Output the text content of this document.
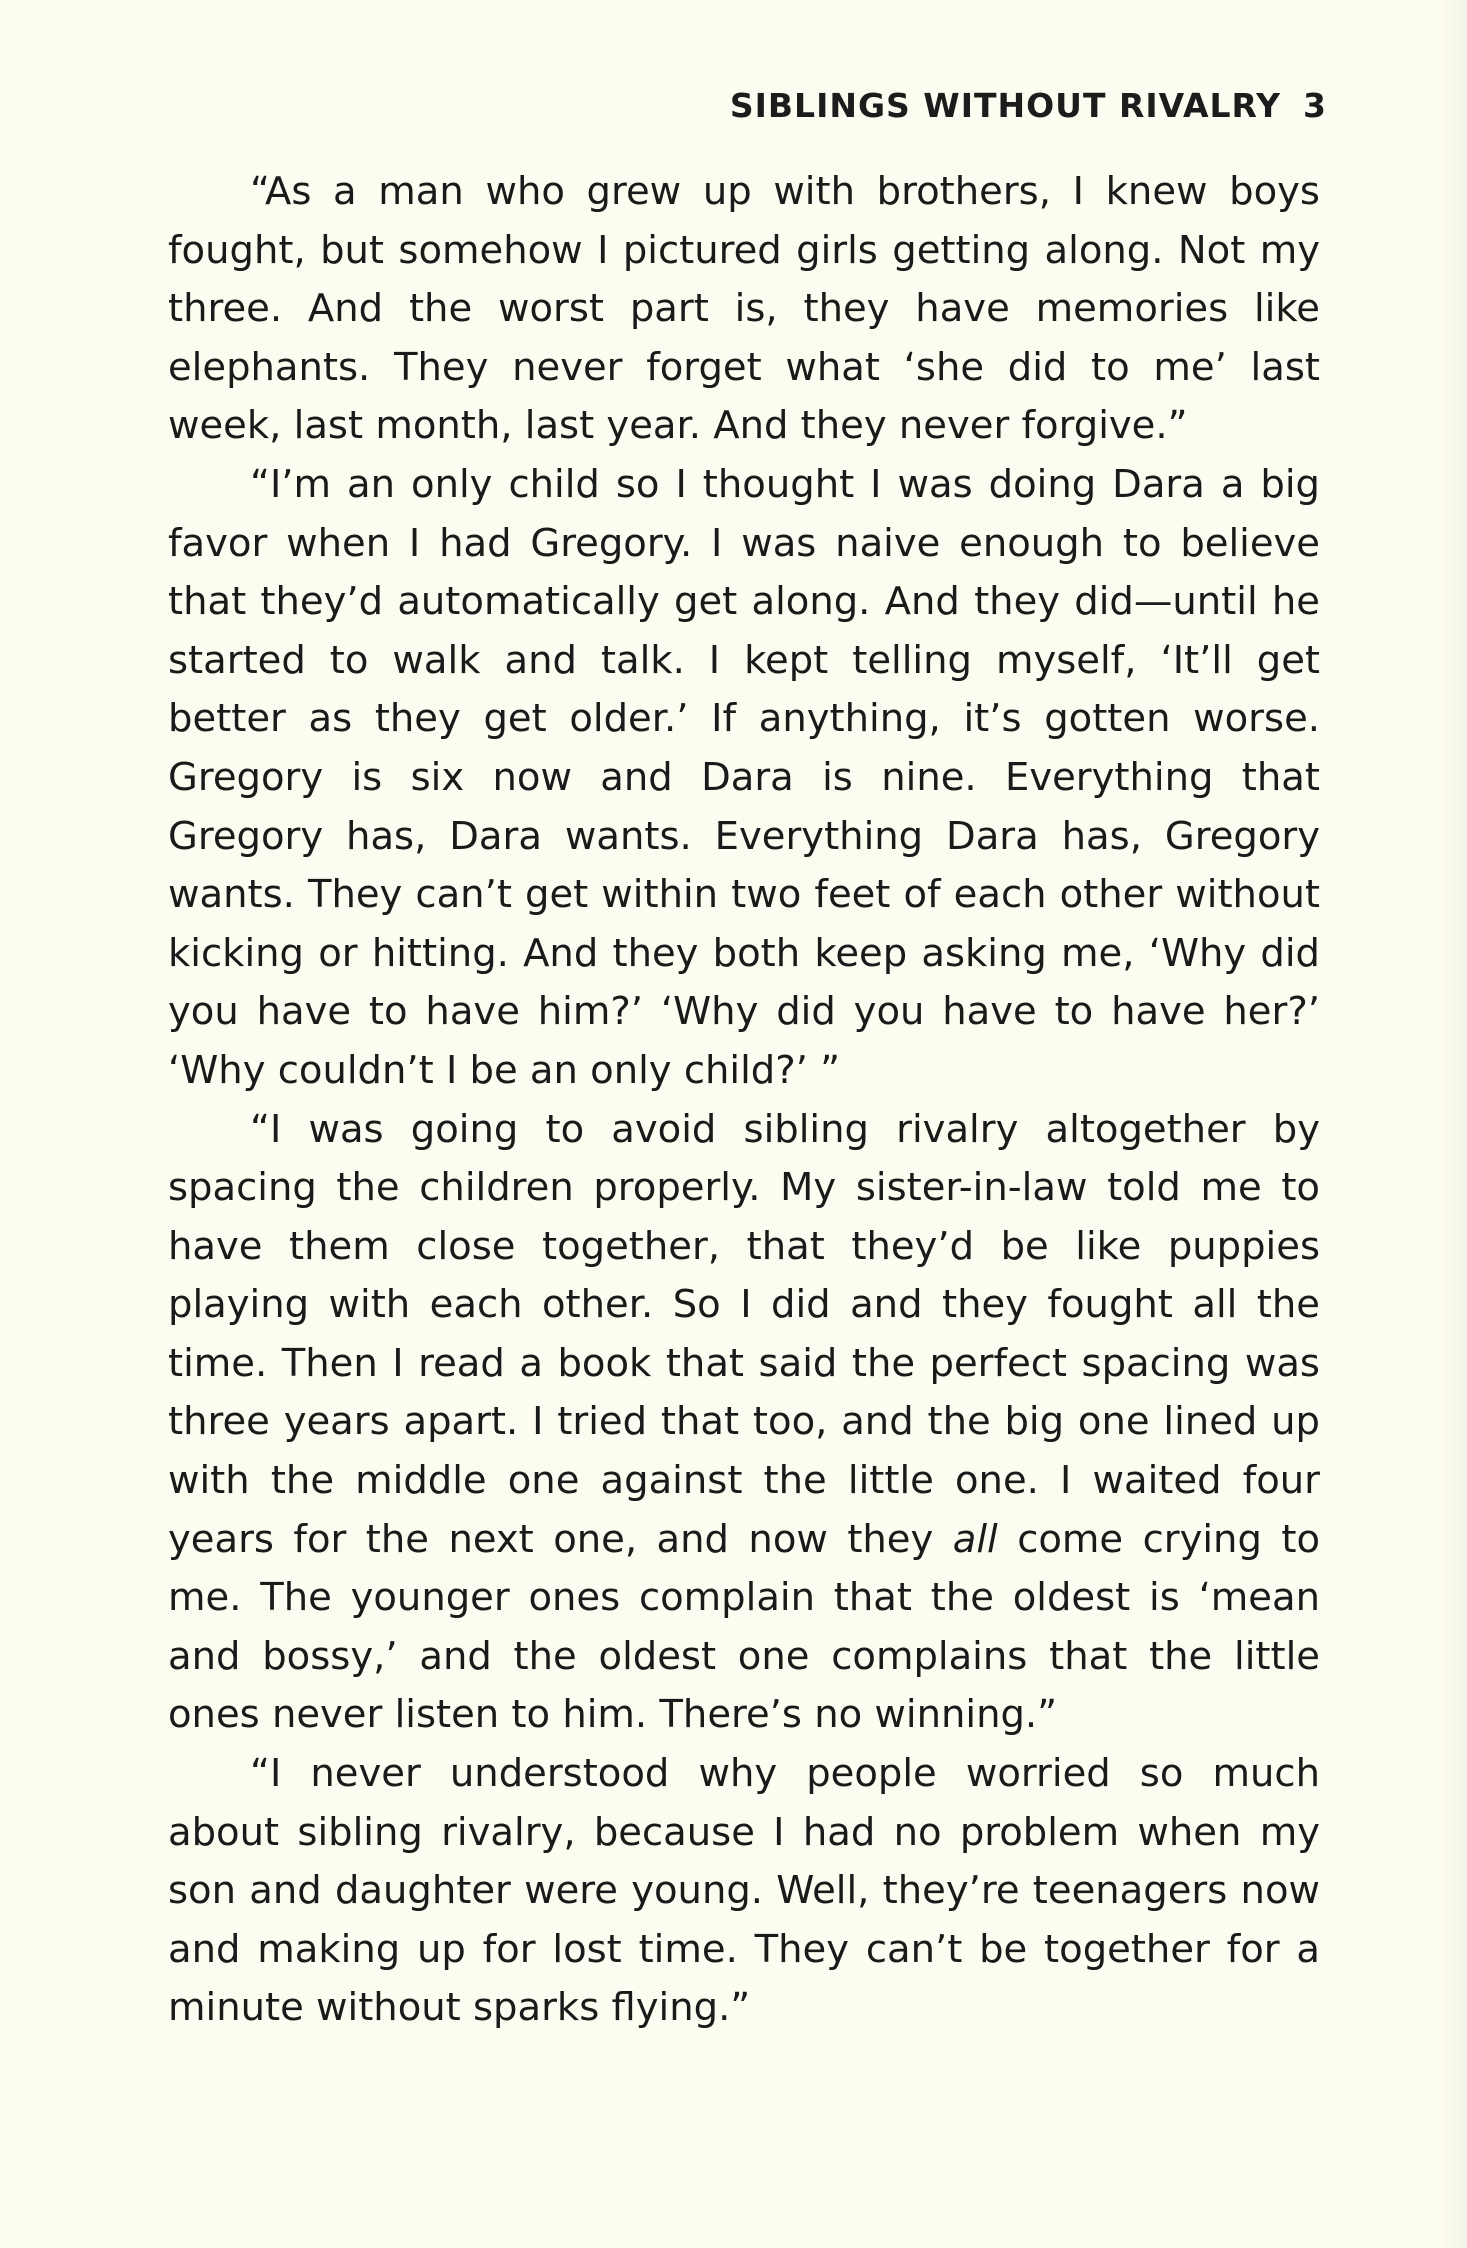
SIBLINGS WITHOUT RIVALRY 3

“As a man who grew up with brothers, I knew boys fought, but somehow I pictured girls getting along. Not my three. And the worst part is, they have memories like elephants. They never forget what ‘she did to me’ last week, last month, last year. And they never forgive.”

“I’m an only child so I thought I was doing Dara a big favor when I had Gregory. I was naive enough to believe that they’d automatically get along. And they did—until he started to walk and talk. I kept telling myself, ‘It’ll get better as they get older.’ If anything, it’s gotten worse. Gregory is six now and Dara is nine. Everything that Gregory has, Dara wants. Everything Dara has, Gregory wants. They can’t get within two feet of each other without kicking or hitting. And they both keep asking me, ‘Why did you have to have him?’ ‘Why did you have to have her?’ ‘Why couldn’t I be an only child?’ ”

“I was going to avoid sibling rivalry altogether by spacing the children properly. My sister-in-law told me to have them close together, that they’d be like puppies playing with each other. So I did and they fought all the time. Then I read a book that said the perfect spacing was three years apart. I tried that too, and the big one lined up with the middle one against the little one. I waited four years for the next one, and now they all come crying to me. The younger ones complain that the oldest is ‘mean and bossy,’ and the oldest one complains that the little ones never listen to him. There’s no winning.”

“I never understood why people worried so much about sibling rivalry, because I had no problem when my son and daughter were young. Well, they’re teenagers now and making up for lost time. They can’t be together for a minute without sparks flying.”
